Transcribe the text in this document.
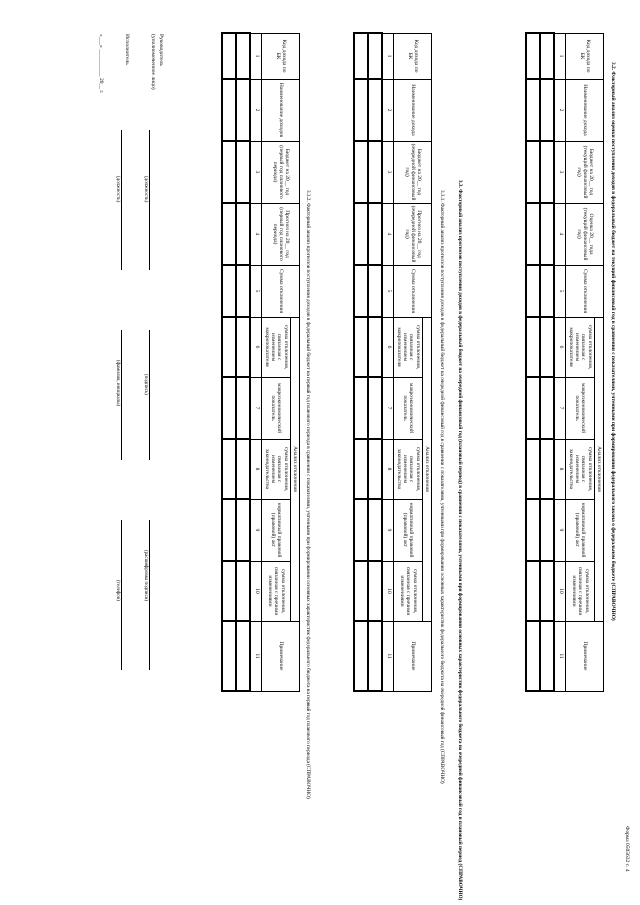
Форма 0505632 с. 4
3.2. Факторный анализ оценки поступления доходов в федеральный бюджет на текущий финансовый год в сравнении с показателями, учтенными при формировании федерального закона о федеральном бюджете (СПРАВОЧНО)
Код дохода по БК	Наименование дохода	Бюджет на 20__ год (текущий финансовый год)	Оценка 20__ года (текущий финансовый год)	Сумма отклонения	Анализ отклонения					Примечание
					сумма отклонения, связанная с изменением макропоказателя	макроэкономический показатель	сумма отклонения, связанная с изменением законодательства	нормативный правовой (правовой) акт	сумма отклонения, связанная с прочими изменениями	
1	2	3	4	5	6	7	8	9	10	11

3.3. Факторный анализ прогнозов поступления доходов в федеральный бюджет на очередной финансовый год (плановый период) в сравнении с показателями, учтенными при формировании основных характеристик федерального бюджета на очередной финансовый год и плановый период (СПРАВОЧНО)
3.3.1. Факторный анализ прогнозов поступления доходов в федеральный бюджет на очередной финансовый год в сравнении с показателями, учтенными при формировании основных характеристик федерального бюджета на очередной финансовый год (СПРАВОЧНО)
Код дохода по БК	Наименование дохода	Бюджет на 20__ год (очередной финансовый год)	Прогноз на 20__ год (очередной финансовый год)	Сумма отклонения	Анализ отклонения					Примечание
					сумма отклонения, связанная с изменением макропоказателя	макроэкономический показатель	сумма отклонения, связанная с изменением законодательства	нормативный правовой (правовой) акт	сумма отклонения, связанная с прочими изменениями	
1	2	3	4	5	6	7	8	9	10	11

3.3.2. Факторный анализ прогнозов поступления доходов в федеральный бюджет на первый год планового периода в сравнении с показателями, учтенными при формировании основных характеристик федерального бюджета на первый год планового периода (СПРАВОЧНО)
Код дохода по БК	Наименование доходов	Бюджет на 20__ год (первый год планового периода)	Прогноз на 20__ год (первый год планового периода)	Сумма отклонения	Анализ отклонения					Примечание
					сумма отклонения, связанная с изменением макропоказателя	макроэкономический показатель	сумма отклонения, связанная с изменением законодательства	нормативный правовой (правовой) акт	сумма отклонения, связанная с прочими изменениями	
1	2	3	4	5	6	7	8	9	10	11

Руководитель
(уполномоченное лицо)
(должность)
(подпись)
(расшифровка подписи)
Исполнитель
(должность)
(фамилия, инициалы)
(телефон)
«___» __________ 20__ г.
